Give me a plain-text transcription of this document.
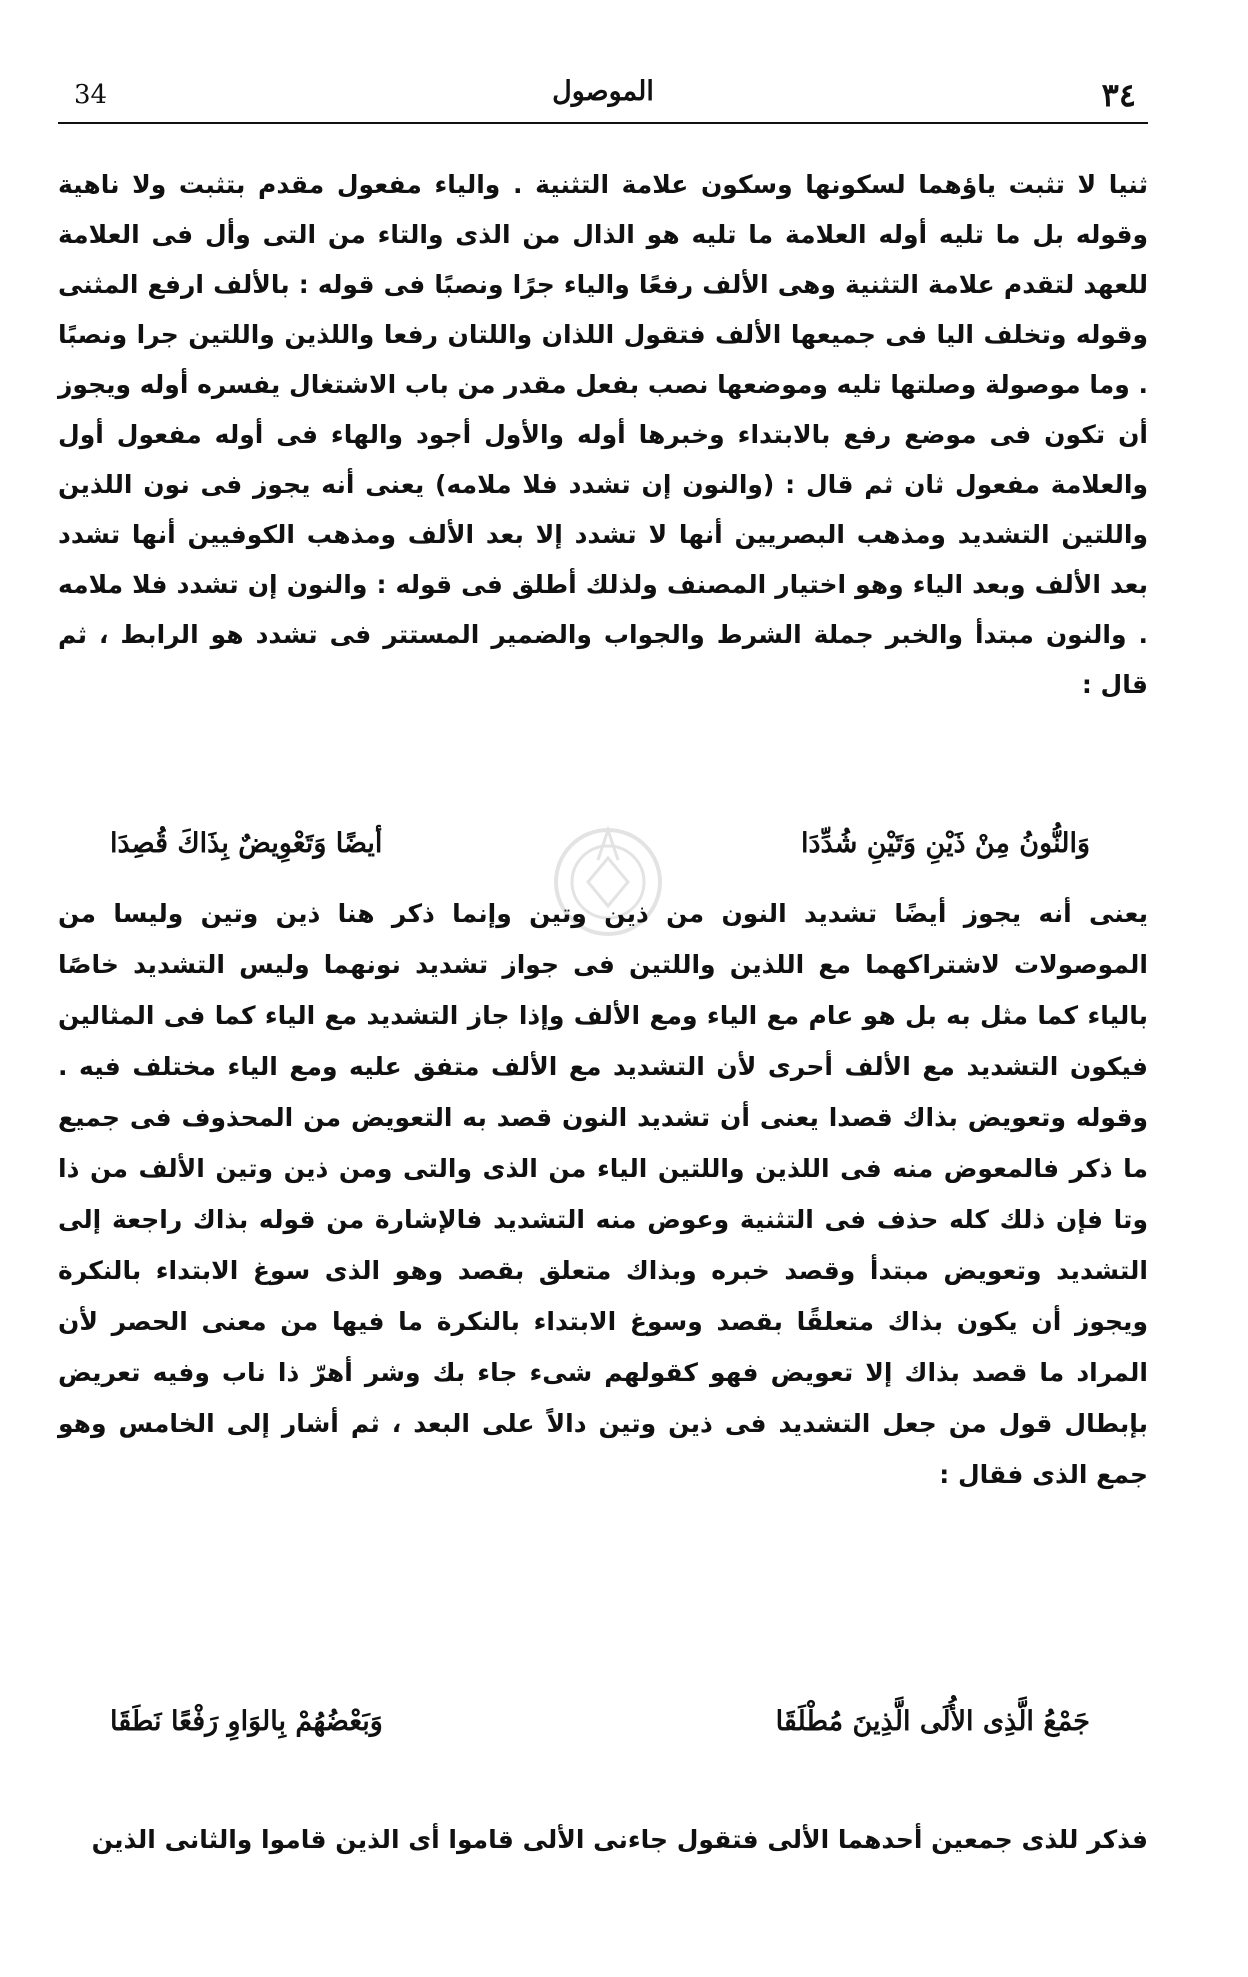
34	الموصول	٣٤
ثنيا لا تثبت ياؤهما لسكونها وسكون علامة التثنية . والياء مفعول مقدم بتثبت ولا ناهية وقوله بل ما تليه أوله العلامة ما تليه هو الذال من الذى والتاء من التى وأل فى العلامة للعهد لتقدم علامة التثنية وهى الألف رفعًا والياء جرًا ونصبًا فى قوله : بالألف ارفع المثنى وقوله وتخلف اليا فى جميعها الألف فتقول اللذان واللتان رفعا واللذين واللتين جرا ونصبًا . وما موصولة وصلتها تليه وموضعها نصب بفعل مقدر من باب الاشتغال يفسره أوله ويجوز أن تكون فى موضع رفع بالابتداء وخبرها أوله والأول أجود والهاء فى أوله مفعول أول والعلامة مفعول ثان ثم قال : (والنون إن تشدد فلا ملامه) يعنى أنه يجوز فى نون اللذين واللتين التشديد ومذهب البصريين أنها لا تشدد إلا بعد الألف ومذهب الكوفيين أنها تشدد بعد الألف وبعد الياء وهو اختيار المصنف ولذلك أطلق فى قوله : والنون إن تشدد فلا ملامه . والنون مبتدأ والخبر جملة الشرط والجواب والضمير المستتر فى تشدد هو الرابط ، ثم قال :
وَالنُّونُ مِنْ ذَيْنِ وَتَيْنِ شُدِّدَا
أيضًا وَتَعْوِيضٌ بِذَاكَ قُصِدَا
يعنى أنه يجوز أيضًا تشديد النون من ذين وتين وإنما ذكر هنا ذين وتين وليسا من الموصولات لاشتراكهما مع اللذين واللتين فى جواز تشديد نونهما وليس التشديد خاصًا بالياء كما مثل به بل هو عام مع الياء ومع الألف وإذا جاز التشديد مع الياء كما فى المثالين فيكون التشديد مع الألف أحرى لأن التشديد مع الألف متفق عليه ومع الياء مختلف فيه . وقوله وتعويض بذاك قصدا يعنى أن تشديد النون قصد به التعويض من المحذوف فى جميع ما ذكر فالمعوض منه فى اللذين واللتين الياء من الذى والتى ومن ذين وتين الألف من ذا وتا فإن ذلك كله حذف فى التثنية وعوض منه التشديد فالإشارة من قوله بذاك راجعة إلى التشديد وتعويض مبتدأ وقصد خبره وبذاك متعلق بقصد وهو الذى سوغ الابتداء بالنكرة ويجوز أن يكون بذاك متعلقًا بقصد وسوغ الابتداء بالنكرة ما فيها من معنى الحصر لأن المراد ما قصد بذاك إلا تعويض فهو كقولهم شىء جاء بك وشر أهرّ ذا ناب وفيه تعريض بإبطال قول من جعل التشديد فى ذين وتين دالاً على البعد ، ثم أشار إلى الخامس وهو جمع الذى فقال :
جَمْعُ الَّذِى الأُلَى الَّذِينَ مُطْلَقَا
وَبَعْضُهُمْ بِالوَاوِ رَفْعًا نَطَقَا
فذكر للذى جمعين أحدهما الألى فتقول جاءنى الألى قاموا أى الذين قاموا والثانى الذين
